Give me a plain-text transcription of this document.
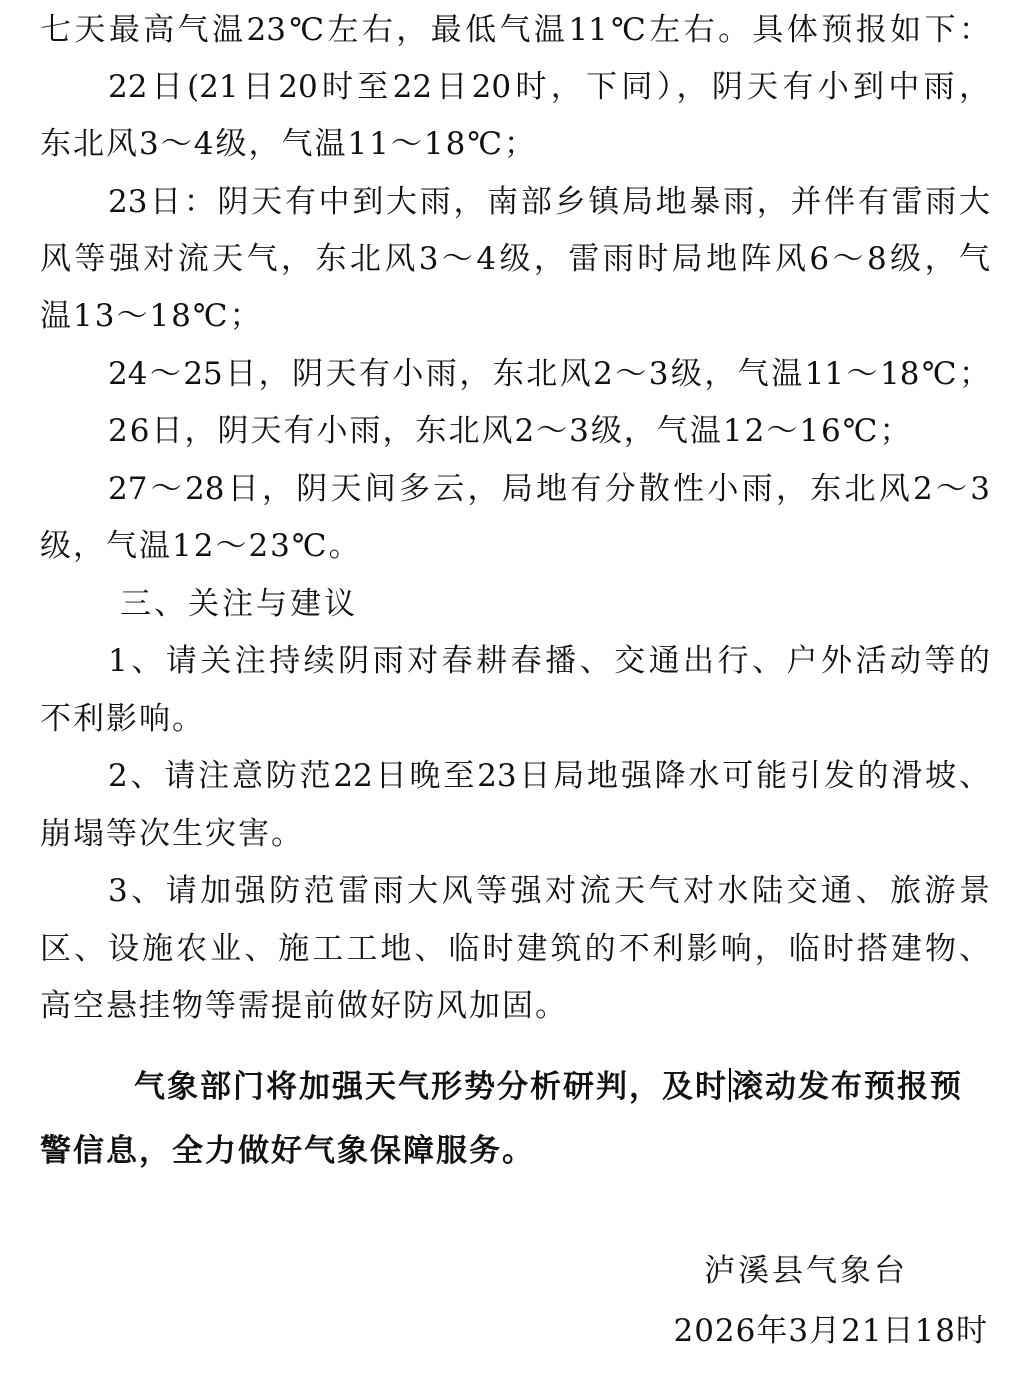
七天最高气温23℃左右，最低气温11℃左右。具体预报如下：
22日(21日20时至22日20时，下同），阴天有小到中雨，
东北风3～4级，气温11～18℃；
23日：阴天有中到大雨，南部乡镇局地暴雨，并伴有雷雨大
风等强对流天气，东北风3～4级，雷雨时局地阵风6～8级，气
温13～18℃；
24～25日，阴天有小雨，东北风2～3级，气温11～18℃；
26日，阴天有小雨，东北风2～3级，气温12～16℃；
27～28日，阴天间多云，局地有分散性小雨，东北风2～3
级，气温12～23℃。
三、关注与建议
1、请关注持续阴雨对春耕春播、交通出行、户外活动等的
不利影响。
2、请注意防范22日晚至23日局地强降水可能引发的滑坡、
崩塌等次生灾害。
3、请加强防范雷雨大风等强对流天气对水陆交通、旅游景
区、设施农业、施工工地、临时建筑的不利影响，临时搭建物、
高空悬挂物等需提前做好防风加固。
气象部门将加强天气形势分析研判，及时 滚动发布预报预
警信息，全力做好气象保障服务。
泸溪县气象台
2026年3月21日18时
